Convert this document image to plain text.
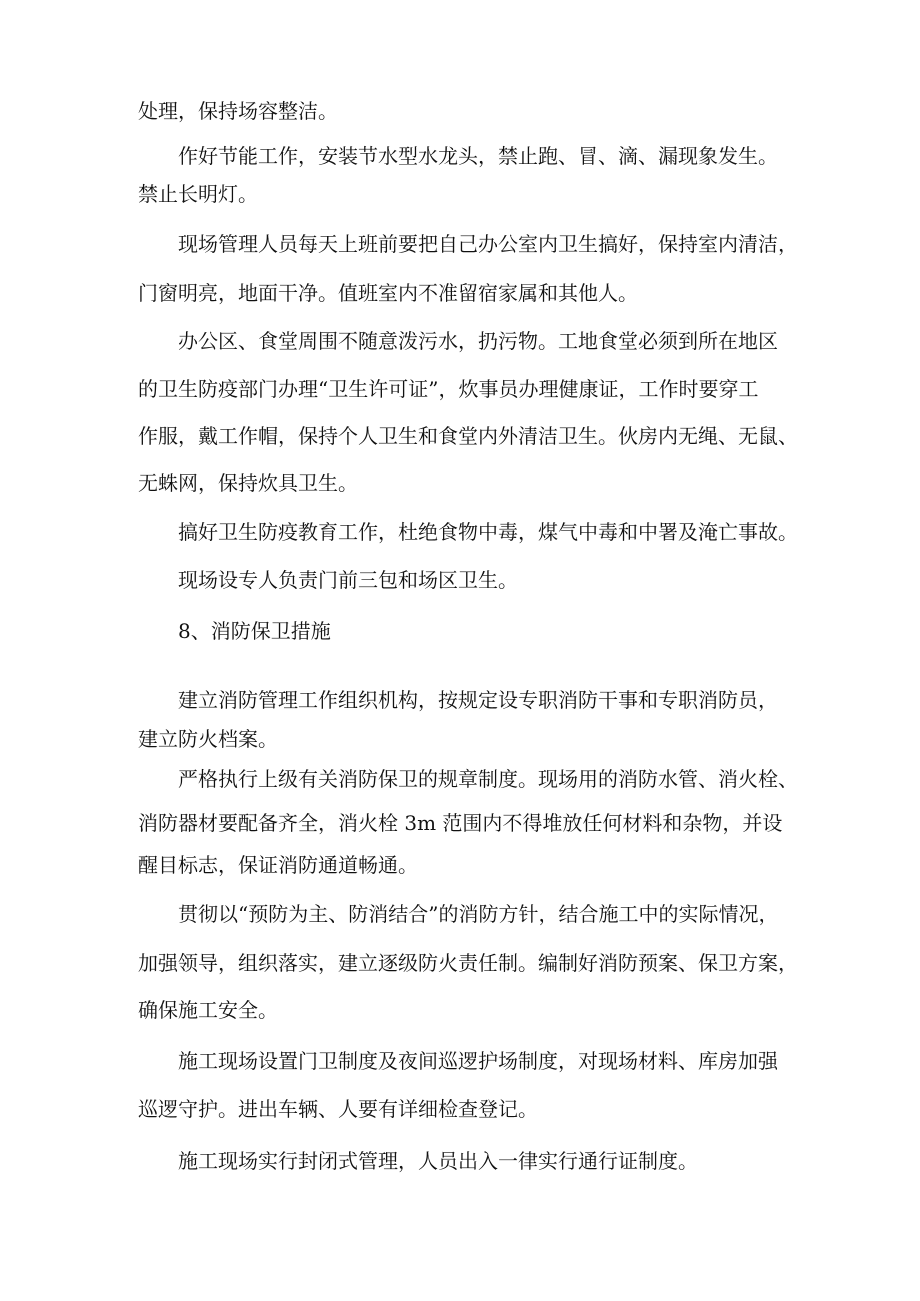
处理，保持场容整洁。

作好节能工作，安装节水型水龙头，禁止跑、冒、滴、漏现象发生。

禁止长明灯。

现场管理人员每天上班前要把自己办公室内卫生搞好，保持室内清洁，

门窗明亮，地面干净。值班室内不准留宿家属和其他人。

办公区、食堂周围不随意泼污水，扔污物。工地食堂必须到所在地区

的卫生防疫部门办理“卫生许可证”，炊事员办理健康证，工作时要穿工

作服，戴工作帽，保持个人卫生和食堂内外清洁卫生。伙房内无绳、无鼠、

无蛛网，保持炊具卫生。

搞好卫生防疫教育工作，杜绝食物中毒，煤气中毒和中署及淹亡事故。

现场设专人负责门前三包和场区卫生。

8、消防保卫措施

建立消防管理工作组织机构，按规定设专职消防干事和专职消防员，

建立防火档案。

严格执行上级有关消防保卫的规章制度。现场用的消防水管、消火栓、

消防器材要配备齐全，消火栓 3m 范围内不得堆放任何材料和杂物，并设

醒目标志，保证消防通道畅通。

贯彻以“预防为主、防消结合”的消防方针，结合施工中的实际情况，

加强领导，组织落实，建立逐级防火责任制。编制好消防预案、保卫方案，

确保施工安全。

施工现场设置门卫制度及夜间巡逻护场制度，对现场材料、库房加强

巡逻守护。进出车辆、人要有详细检查登记。

施工现场实行封闭式管理，人员出入一律实行通行证制度。
